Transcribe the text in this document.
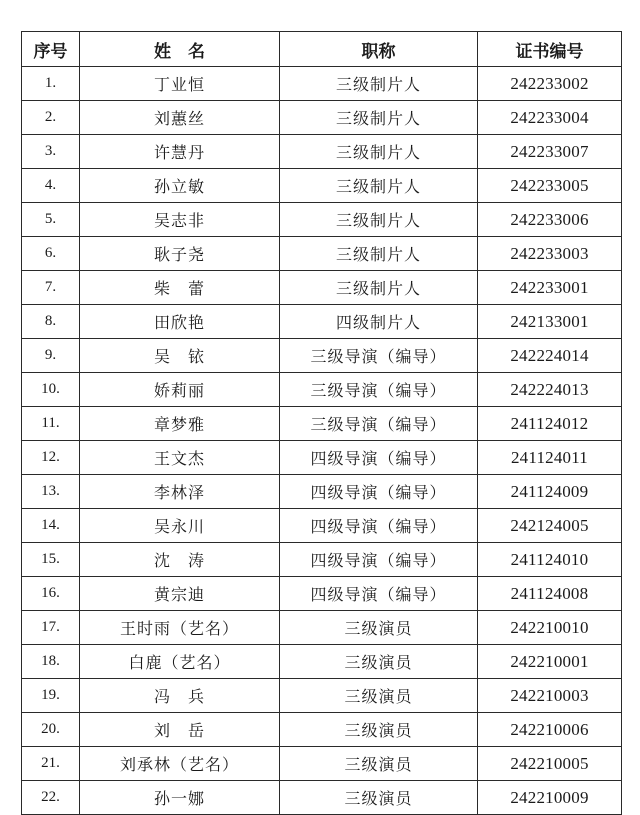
序号	姓　名	职称	证书编号
1.	丁业恒	三级制片人	242233002
2.	刘蕙丝	三级制片人	242233004
3.	许慧丹	三级制片人	242233007
4.	孙立敏	三级制片人	242233005
5.	吴志非	三级制片人	242233006
6.	耿子尧	三级制片人	242233003
7.	柴　蕾	三级制片人	242233001
8.	田欣艳	四级制片人	242133001
9.	吴　铱	三级导演（编导）	242224014
10.	娇莉丽	三级导演（编导）	242224013
11.	章梦雅	三级导演（编导）	241124012
12.	王文杰	四级导演（编导）	241124011
13.	李林泽	四级导演（编导）	241124009
14.	吴永川	四级导演（编导）	242124005
15.	沈　涛	四级导演（编导）	241124010
16.	黄宗迪	四级导演（编导）	241124008
17.	王时雨（艺名）	三级演员	242210010
18.	白鹿（艺名）	三级演员	242210001
19.	冯　兵	三级演员	242210003
20.	刘　岳	三级演员	242210006
21.	刘承林（艺名）	三级演员	242210005
22.	孙一娜	三级演员	242210009
